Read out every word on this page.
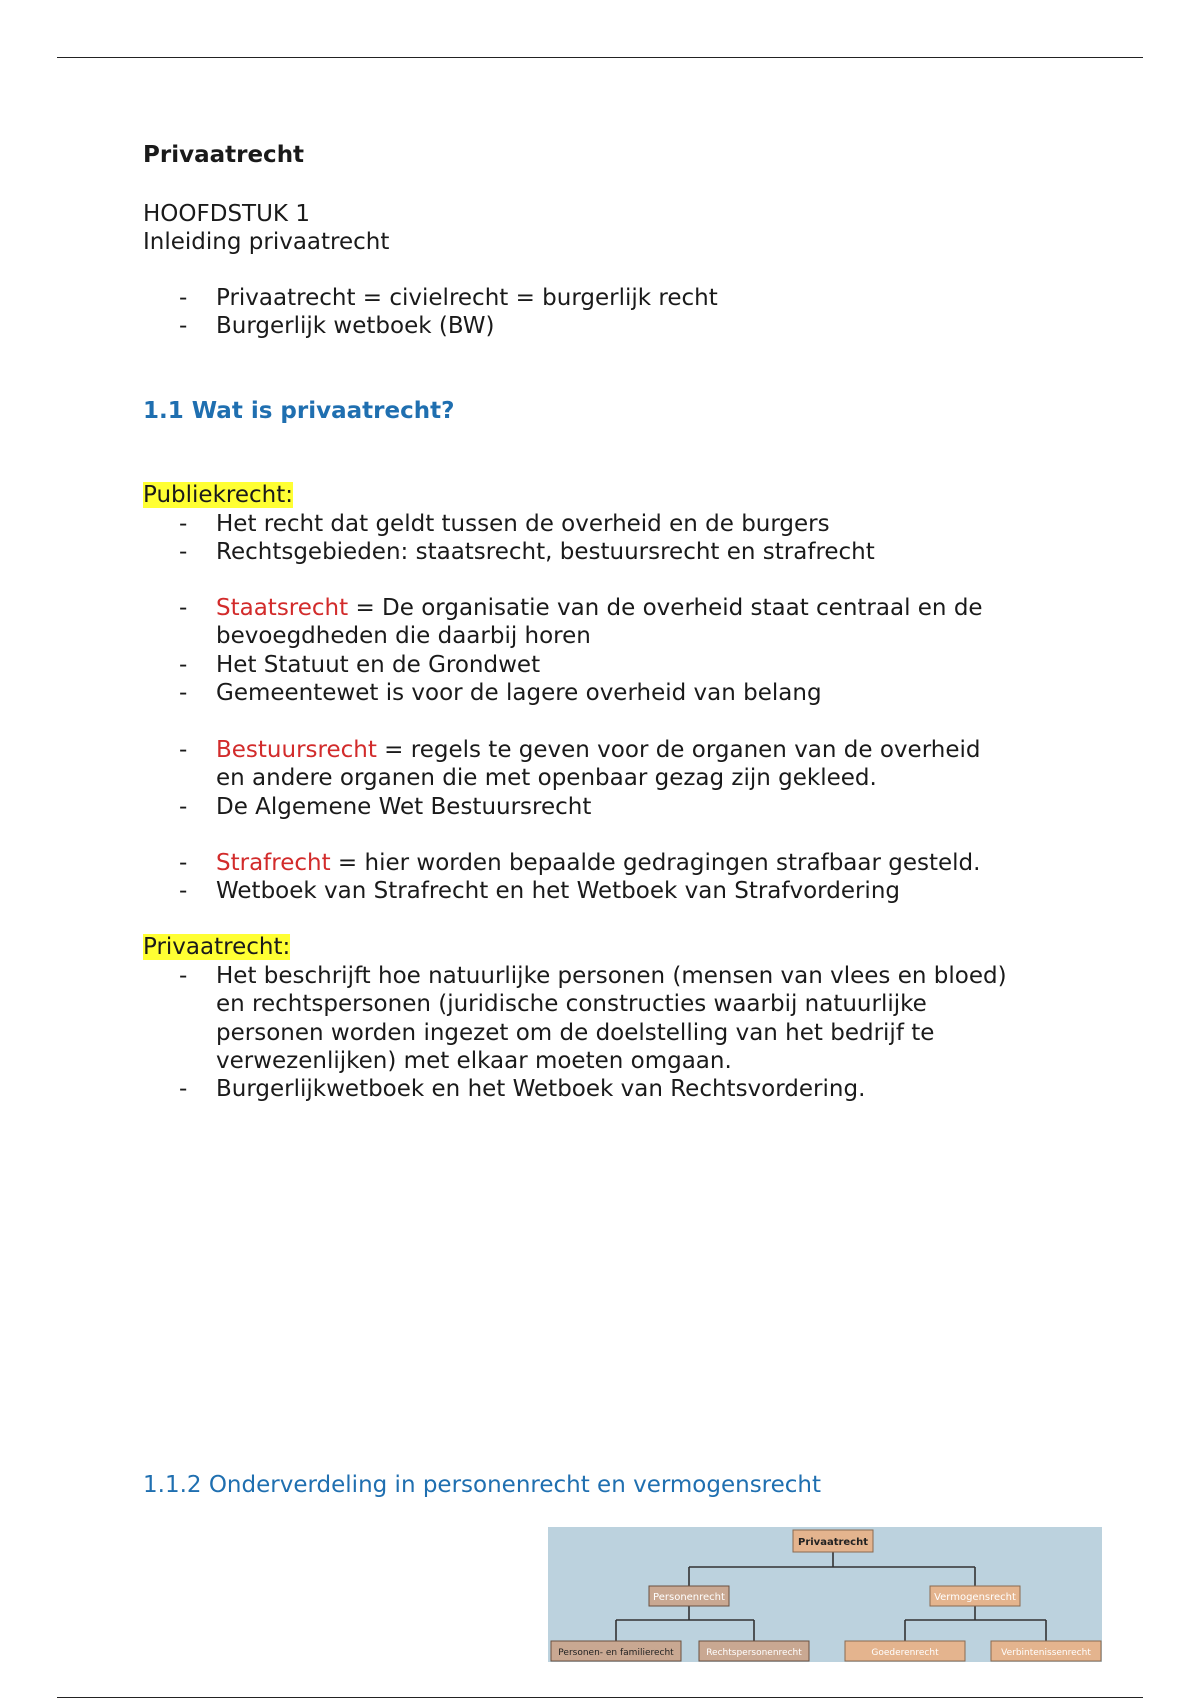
Privaatrecht
HOOFDSTUK 1
Inleiding privaatrecht
- Privaatrecht = civielrecht = burgerlijk recht
- Burgerlijk wetboek (BW)
1.1 Wat is privaatrecht?
Publiekrecht:
- Het recht dat geldt tussen de overheid en de burgers
- Rechtsgebieden: staatsrecht, bestuursrecht en strafrecht
- Staatsrecht = De organisatie van de overheid staat centraal en de
bevoegdheden die daarbij horen
- Het Statuut en de Grondwet
- Gemeentewet is voor de lagere overheid van belang
- Bestuursrecht = regels te geven voor de organen van de overheid
en andere organen die met openbaar gezag zijn gekleed.
- De Algemene Wet Bestuursrecht
- Strafrecht = hier worden bepaalde gedragingen strafbaar gesteld.
- Wetboek van Strafrecht en het Wetboek van Strafvordering
Privaatrecht:
- Het beschrijft hoe natuurlijke personen (mensen van vlees en bloed)
en rechtspersonen (juridische constructies waarbij natuurlijke
personen worden ingezet om de doelstelling van het bedrijf te
verwezenlijken) met elkaar moeten omgaan.
- Burgerlijkwetboek en het Wetboek van Rechtsvordering.
1.1.2 Onderverdeling in personenrecht en vermogensrecht
Privaatrecht
Personenrecht	Vermogensrecht
Personen- en familierecht	Rechtspersonenrecht	Goederenrecht	Verbintenissenrecht
